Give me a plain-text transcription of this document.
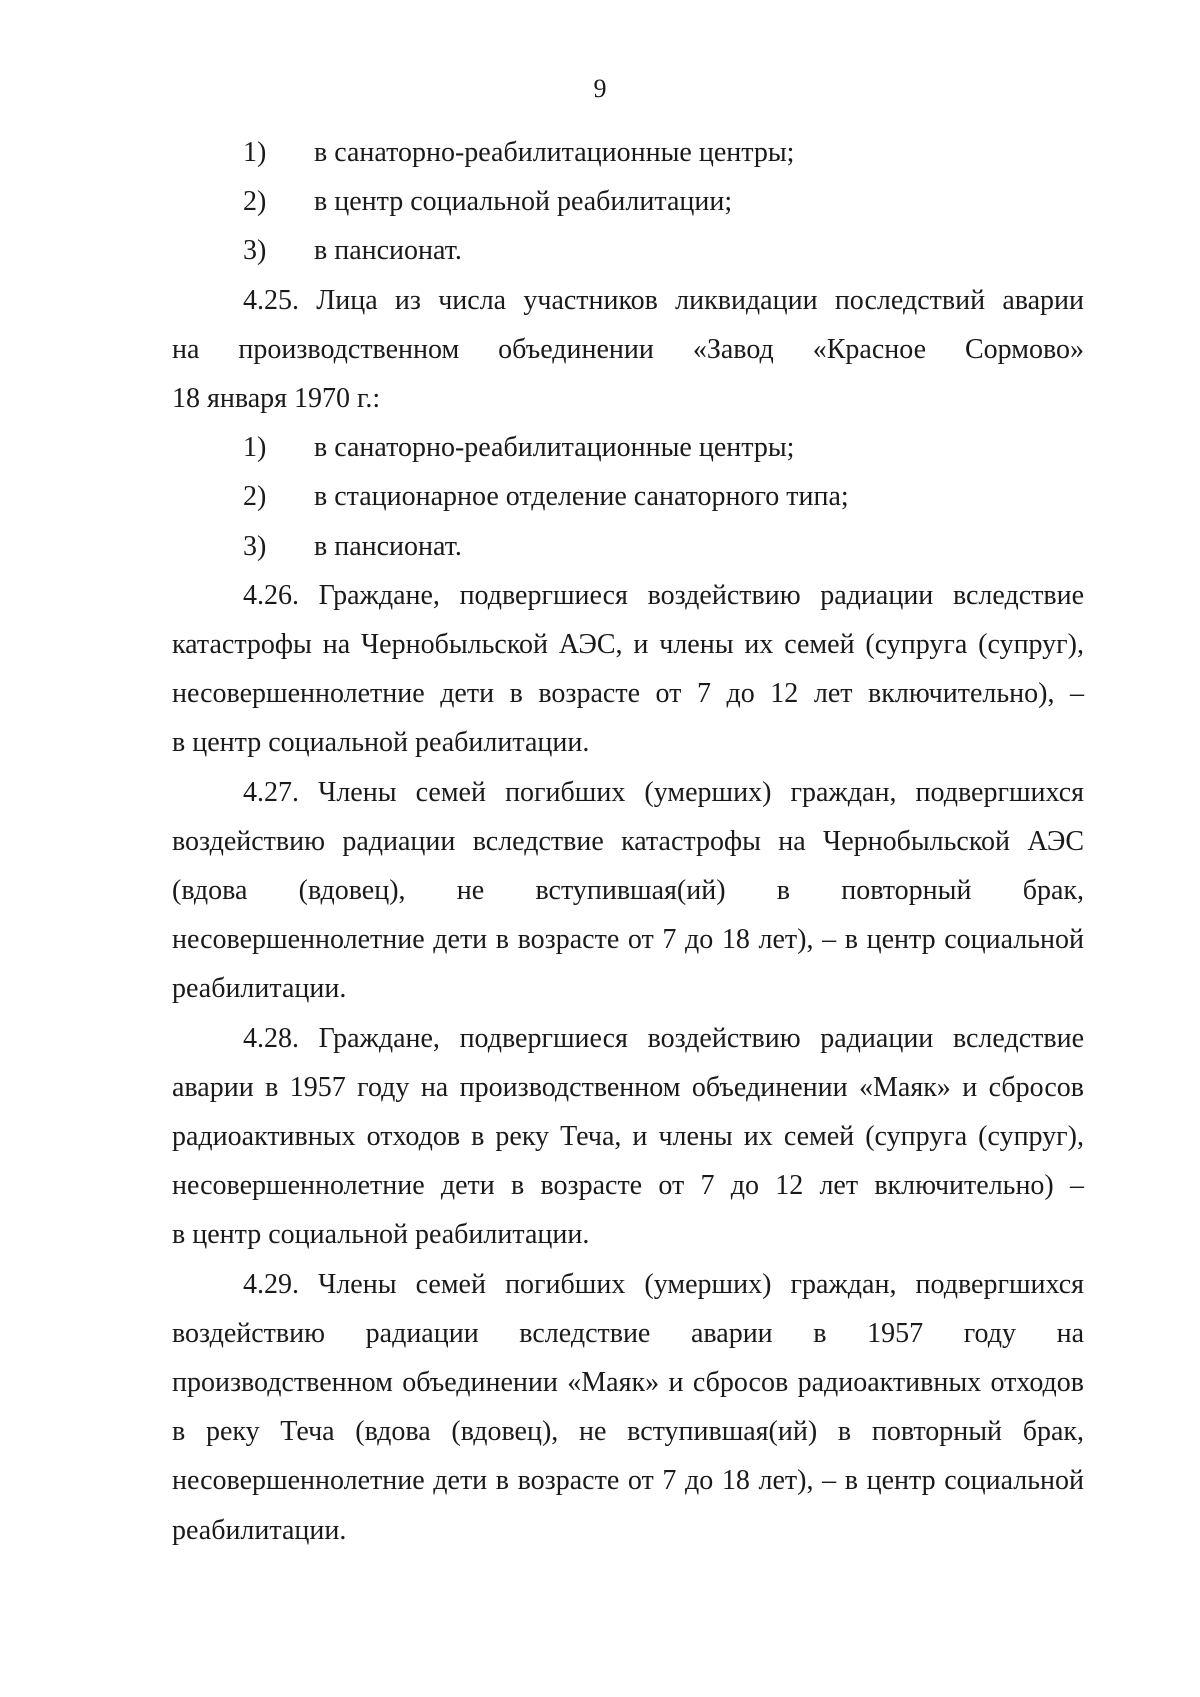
9
1)	в санаторно-реабилитационные центры;
2)	в центр социальной реабилитации;
3)	в пансионат.
4.25. Лица из числа участников ликвидации последствий аварии
на производственном объединении «Завод «Красное Сормово»
18 января 1970 г.:
1)	в санаторно-реабилитационные центры;
2)	в стационарное отделение санаторного типа;
3)	в пансионат.
4.26. Граждане, подвергшиеся воздействию радиации вследствие
катастрофы на Чернобыльской АЭС, и члены их семей (супруга (супруг),
несовершеннолетние дети в возрасте от 7 до 12 лет включительно), –
в центр социальной реабилитации.
4.27. Члены семей погибших (умерших) граждан, подвергшихся
воздействию радиации вследствие катастрофы на Чернобыльской АЭС
(вдова (вдовец), не вступившая(ий) в повторный брак,
несовершеннолетние дети в возрасте от 7 до 18 лет), – в центр социальной
реабилитации.
4.28. Граждане, подвергшиеся воздействию радиации вследствие
аварии в 1957 году на производственном объединении «Маяк» и сбросов
радиоактивных отходов в реку Теча, и члены их семей (супруга (супруг),
несовершеннолетние дети в возрасте от 7 до 12 лет включительно) –
в центр социальной реабилитации.
4.29. Члены семей погибших (умерших) граждан, подвергшихся
воздействию радиации вследствие аварии в 1957 году на
производственном объединении «Маяк» и сбросов радиоактивных отходов
в реку Теча (вдова (вдовец), не вступившая(ий) в повторный брак,
несовершеннолетние дети в возрасте от 7 до 18 лет), – в центр социальной
реабилитации.
